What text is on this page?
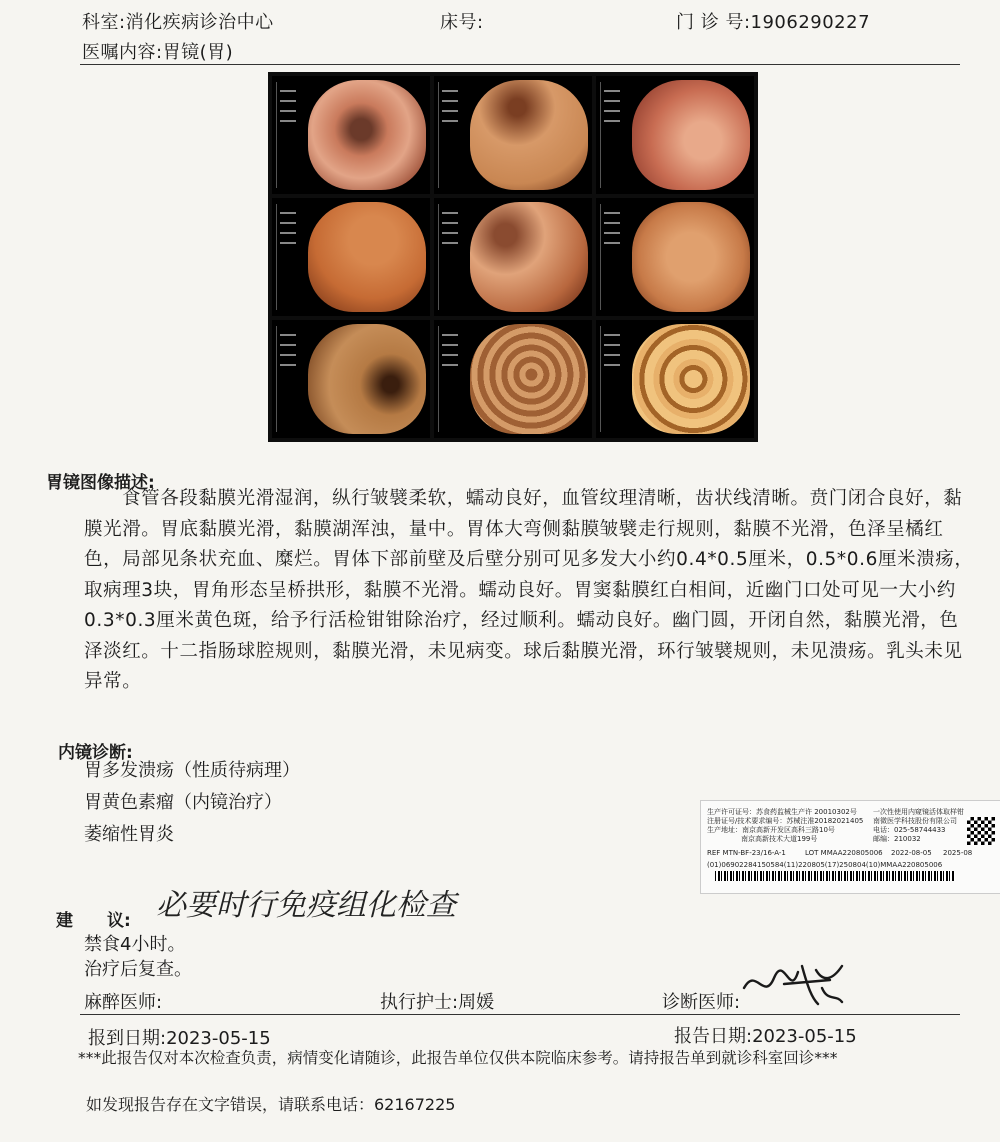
科室:消化疾病诊治中心	床号:	门 诊 号:1906290227
医嘱内容:胃镜(胃)
胃镜图像描述:
食管各段黏膜光滑湿润，纵行皱襞柔软，蠕动良好，血管纹理清晰，齿状线清晰。贲门闭合良好，黏膜光滑。胃底黏膜光滑，黏膜湖浑浊，量中。胃体大弯侧黏膜皱襞走行规则，黏膜不光滑，色泽呈橘红色，局部见条状充血、糜烂。胃体下部前壁及后壁分别可见多发大小约0.4*0.5厘米，0.5*0.6厘米溃疡，取病理3块，胃角形态呈桥拱形，黏膜不光滑。蠕动良好。胃窦黏膜红白相间，近幽门口处可见一大小约0.3*0.3厘米黄色斑，给予行活检钳钳除治疗，经过顺利。蠕动良好。幽门圆，开闭自然，黏膜光滑，色泽淡红。十二指肠球腔规则，黏膜光滑，未见病变。球后黏膜光滑，环行皱襞规则，未见溃疡。乳头未见异常。
内镜诊断:
胃多发溃疡（性质待病理）
胃黄色素瘤（内镜治疗）
萎缩性胃炎
生产许可证号：苏食药监械生产许 20010302号
注册证号/技术要求编号：苏械注准20182021405
生产地址：南京高新开发区高科三路10号
南京高新技术大道199号
一次性使用内窥镜活体取样钳
南微医学科技股份有限公司
电话：025-58744433
邮编：210032
REF MTN-BF-23/16-A-1	LOT MMAA220805006 2022-08-05 2025-08
(01)06902284150584(11)220805(17)250804(10)MMAA220805006
建　　议: 必要时行免疫组化检查
禁食4小时。
治疗后复查。
麻醉医师:	执行护士:周媛	诊断医师:
报到日期:2023-05-15	报告日期:2023-05-15
***此报告仅对本次检查负责，病情变化请随诊，此报告单位仅供本院临床参考。请持报告单到就诊科室回诊***
如发现报告存在文字错误，请联系电话：62167225
